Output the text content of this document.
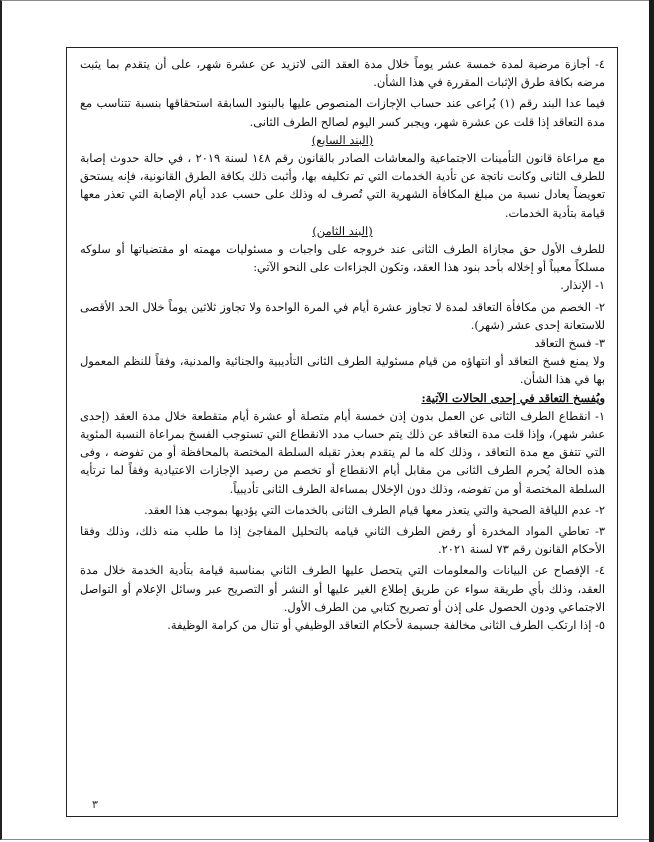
٤- أجازة مرضية لمدة خمسة عشر يوماً خلال مدة العقد التى لاتزيد عن عشرة شهر، على أن يتقدم بما يثبت مرضه بكافة طرق الإثبات المقررة في هذا الشأن.

فيما عدا البند رقم (١) يُراعى عند حساب الإجازات المنصوص عليها بالبنود السابقة استحقاقها بنسبة تتناسب مع مدة التعاقد إذا قلت عن عشرة شهر، ويجبر كسر اليوم لصالح الطرف الثانى.

(البند السابع)

مع مراعاة قانون التأمينات الاجتماعية والمعاشات الصادر بالقانون رقم ١٤٨ لسنة ٢٠١٩ ، في حالة حدوث إصابة للطرف الثانى وكانت ناتجة عن تأدية الخدمات التي تم تكليفه بها، وأثبت ذلك بكافة الطرق القانونية، فإنه يستحق تعويضاً يعادل نسبة من مبلغ المكافأة الشهرية التي تُصرف له وذلك على حسب عدد أيام الإصابة التي تعذر معها قيامة بتأدية الخدمات.

(البند الثامن)

للطرف الأول حق مجازاة الطرف الثانى عند خروجه على واجبات و مسئوليات مهمته او مقتضياتها أو سلوكه مسلكاً معيباً أو إخلاله بأحد بنود هذا العقد، وتكون الجزاءات على النحو الآتي:

١- الإنذار.

٢- الخصم من مكافأة التعاقد لمدة لا تجاوز عشرة أيام في المرة الواحدة ولا تجاوز ثلاثين يوماً خلال الحد الأقصى للاستعانة إحدى عشر (شهر).

٣- فسخ التعاقد

ولا يمنع فسخ التعاقد أو انتهاؤه من قيام مسئولية الطرف الثانى التأديبية والجنائية والمدنية، وفقاً للنظم المعمول بها في هذا الشأن.

ويُفسخ التعاقد في إحدى الحالات الآتية:

١- انقطاع الطرف الثانى عن العمل بدون إذن خمسة أيام متصلة أو عشرة أيام متقطعة خلال مدة العقد (إحدى عشر شهر)، وإذا قلت مدة التعاقد عن ذلك يتم حساب مدد الانقطاع التي تستوجب الفسخ بمراعاة النسبة المئوية التي تتفق مع مدة التعاقد ، وذلك كله ما لم يتقدم بعذر تقبله السلطة المختصة بالمحافظة أو من تفوضه ، وفى هذه الحالة يُحرم الطرف الثانى من مقابل أيام الانقطاع أو تخصم من رصيد الإجازات الاعتيادية وفقاً لما ترتأيه السلطة المختصة أو من تفوضه، وذلك دون الإخلال بمساءلة الطرف الثانى تأديبياً.

٢- عدم اللياقة الصحية والتي يتعذر معها قيام الطرف الثانى بالخدمات التي يؤديها بموجب هذا العقد.

٣- تعاطي المواد المخدرة أو رفض الطرف الثاني قيامه بالتحليل المفاجئ إذا ما طلب منه ذلك، وذلك وفقا الأحكام القانون رقم ٧٣ لسنة ٢٠٢١.

٤- الإفصاح عن البيانات والمعلومات التي يتحصل عليها الطرف الثاني بمناسبة قيامة بتأدية الخدمة خلال مدة العقد، وذلك بأي طريقة سواء عن طريق إطلاع الغير عليها أو النشر أو التصريح عبر وسائل الإعلام أو التواصل الاجتماعي ودون الحصول على إذن أو تصريح كتابي من الطرف الأول.

٥- إذا ارتكب الطرف الثانى مخالفة جسيمة لأحكام التعاقد الوظيفي أو تنال من كرامة الوظيفة.

٣
